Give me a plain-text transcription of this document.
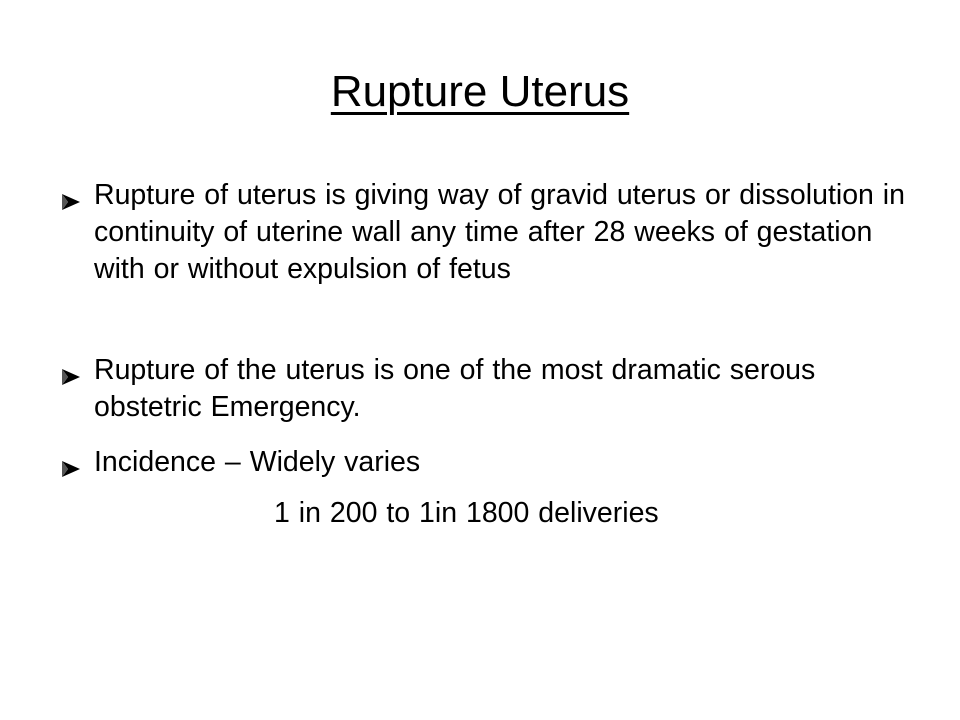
Rupture Uterus
Rupture of uterus is giving way of gravid uterus or dissolution in continuity of uterine wall any time after 28 weeks of gestation with or without expulsion of fetus
Rupture of the uterus is one of the most dramatic serous obstetric Emergency.
Incidence – Widely varies
1 in 200 to 1in 1800 deliveries
